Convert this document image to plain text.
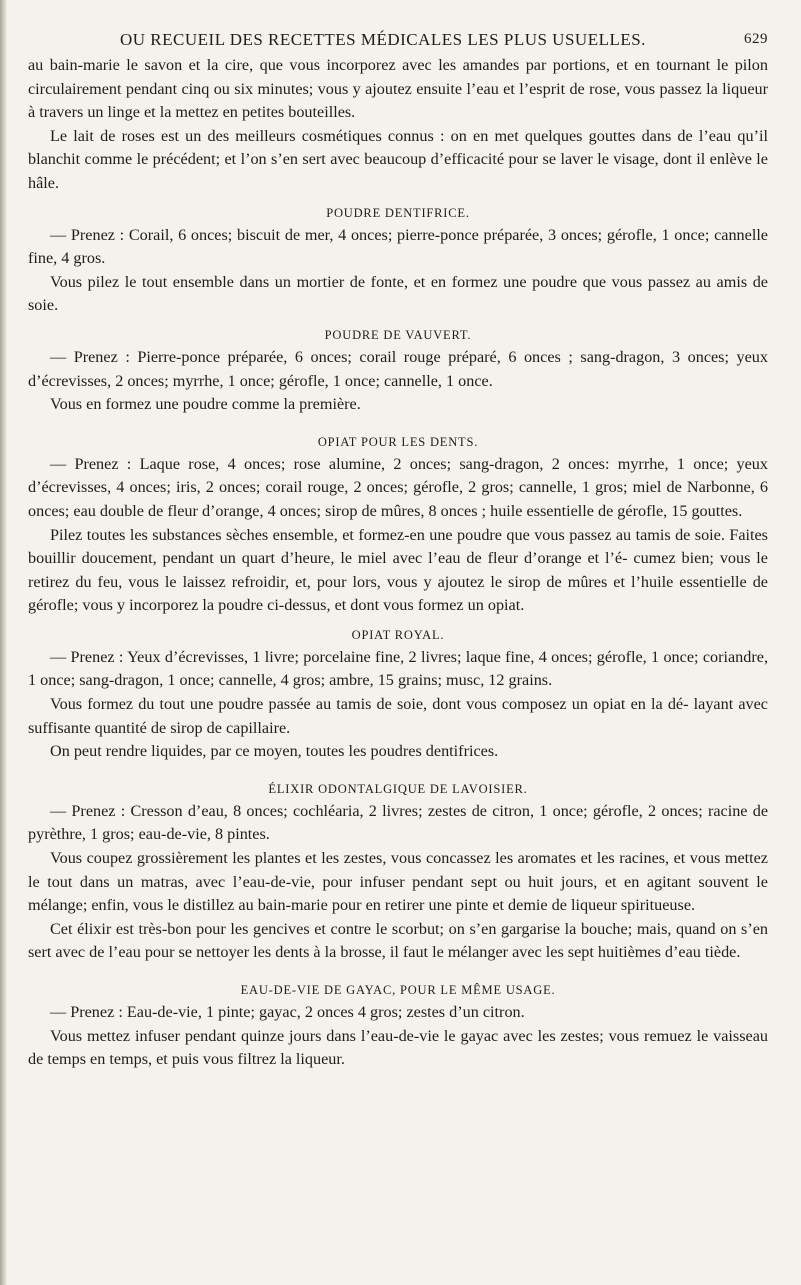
OU RECUEIL DES RECETTES MÉDICALES LES PLUS USUELLES.	629

au bain-marie le savon et la cire, que vous incorporez avec les amandes par portions, et en tournant le pilon circulairement pendant cinq ou six minutes; vous y ajoutez ensuite l’eau et l’esprit de rose, vous passez la liqueur à travers un linge et la mettez en petites bouteilles.

Le lait de roses est un des meilleurs cosmétiques connus : on en met quelques gouttes dans de l’eau qu’il blanchit comme le précédent; et l’on s’en sert avec beaucoup d’efficacité pour se laver le visage, dont il enlève le hâle.

POUDRE DENTIFRICE.

— Prenez : Corail, 6 onces; biscuit de mer, 4 onces; pierre-ponce préparée, 3 onces; gérofle, 1 once; cannelle fine, 4 gros.

Vous pilez le tout ensemble dans un mortier de fonte, et en formez une poudre que vous passez au amis de soie.

POUDRE DE VAUVERT.

— Prenez : Pierre-ponce préparée, 6 onces; corail rouge préparé, 6 onces ; sang-dragon, 3 onces; yeux d’écrevisses, 2 onces; myrrhe, 1 once; gérofle, 1 once; cannelle, 1 once.

Vous en formez une poudre comme la première.

OPIAT POUR LES DENTS.

— Prenez : Laque rose, 4 onces; rose alumine, 2 onces; sang-dragon, 2 onces: myrrhe, 1 once; yeux d’écrevisses, 4 onces; iris, 2 onces; corail rouge, 2 onces; gérofle, 2 gros; cannelle, 1 gros; miel de Narbonne, 6 onces; eau double de fleur d’orange, 4 onces; sirop de mûres, 8 onces ; huile essentielle de gérofle, 15 gouttes.

Pilez toutes les substances sèches ensemble, et formez-en une poudre que vous passez au tamis de soie. Faites bouillir doucement, pendant un quart d’heure, le miel avec l’eau de fleur d’orange et l’é- cumez bien; vous le retirez du feu, vous le laissez refroidir, et, pour lors, vous y ajoutez le sirop de mûres et l’huile essentielle de gérofle; vous y incorporez la poudre ci-dessus, et dont vous formez un opiat.

OPIAT ROYAL.

— Prenez : Yeux d’écrevisses, 1 livre; porcelaine fine, 2 livres; laque fine, 4 onces; gérofle, 1 once; coriandre, 1 once; sang-dragon, 1 once; cannelle, 4 gros; ambre, 15 grains; musc, 12 grains.

Vous formez du tout une poudre passée au tamis de soie, dont vous composez un opiat en la dé- layant avec suffisante quantité de sirop de capillaire.

On peut rendre liquides, par ce moyen, toutes les poudres dentifrices.

ÉLIXIR ODONTALGIQUE DE LAVOISIER.

— Prenez : Cresson d’eau, 8 onces; cochléaria, 2 livres; zestes de citron, 1 once; gérofle, 2 onces; racine de pyrèthre, 1 gros; eau-de-vie, 8 pintes.

Vous coupez grossièrement les plantes et les zestes, vous concassez les aromates et les racines, et vous mettez le tout dans un matras, avec l’eau-de-vie, pour infuser pendant sept ou huit jours, et en agitant souvent le mélange; enfin, vous le distillez au bain-marie pour en retirer une pinte et demie de liqueur spiritueuse.

Cet élixir est très-bon pour les gencives et contre le scorbut; on s’en gargarise la bouche; mais, quand on s’en sert avec de l’eau pour se nettoyer les dents à la brosse, il faut le mélanger avec les sept huitièmes d’eau tiède.

EAU-DE-VIE DE GAYAC, POUR LE MÊME USAGE.

— Prenez : Eau-de-vie, 1 pinte; gayac, 2 onces 4 gros; zestes d’un citron.

Vous mettez infuser pendant quinze jours dans l’eau-de-vie le gayac avec les zestes; vous remuez le vaisseau de temps en temps, et puis vous filtrez la liqueur.
